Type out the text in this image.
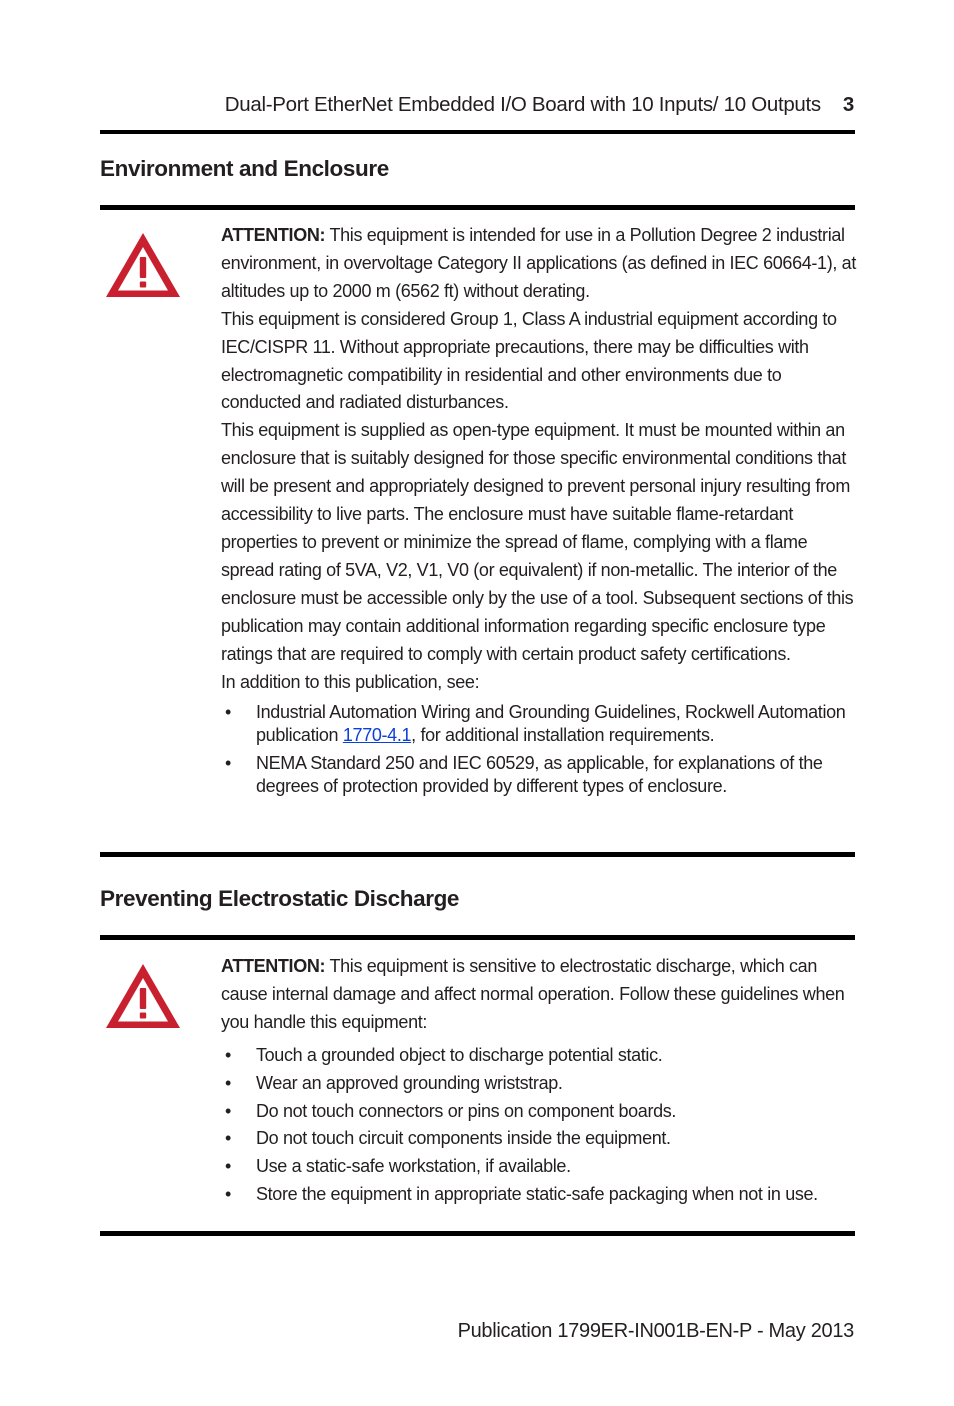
Dual-Port EtherNet Embedded I/O Board with 10 Inputs/ 10 Outputs 3
Environment and Enclosure

ATTENTION: This equipment is intended for use in a Pollution Degree 2 industrial environment, in overvoltage Category II applications (as defined in IEC 60664-1), at altitudes up to 2000 m (6562 ft) without derating.

This equipment is considered Group 1, Class A industrial equipment according to IEC/CISPR 11. Without appropriate precautions, there may be difficulties with electromagnetic compatibility in residential and other environments due to conducted and radiated disturbances.

This equipment is supplied as open-type equipment. It must be mounted within an enclosure that is suitably designed for those specific environmental conditions that will be present and appropriately designed to prevent personal injury resulting from accessibility to live parts. The enclosure must have suitable flame-retardant properties to prevent or minimize the spread of flame, complying with a flame spread rating of 5VA, V2, V1, V0 (or equivalent) if non-metallic. The interior of the enclosure must be accessible only by the use of a tool. Subsequent sections of this publication may contain additional information regarding specific enclosure type ratings that are required to comply with certain product safety certifications.

In addition to this publication, see:

• Industrial Automation Wiring and Grounding Guidelines, Rockwell Automation publication 1770-4.1, for additional installation requirements.
• NEMA Standard 250 and IEC 60529, as applicable, for explanations of the degrees of protection provided by different types of enclosure.
Preventing Electrostatic Discharge

ATTENTION: This equipment is sensitive to electrostatic discharge, which can cause internal damage and affect normal operation. Follow these guidelines when you handle this equipment:

• Touch a grounded object to discharge potential static.
• Wear an approved grounding wriststrap.
• Do not touch connectors or pins on component boards.
• Do not touch circuit components inside the equipment.
• Use a static-safe workstation, if available.
• Store the equipment in appropriate static-safe packaging when not in use.
Publication 1799ER-IN001B-EN-P - May 2013
